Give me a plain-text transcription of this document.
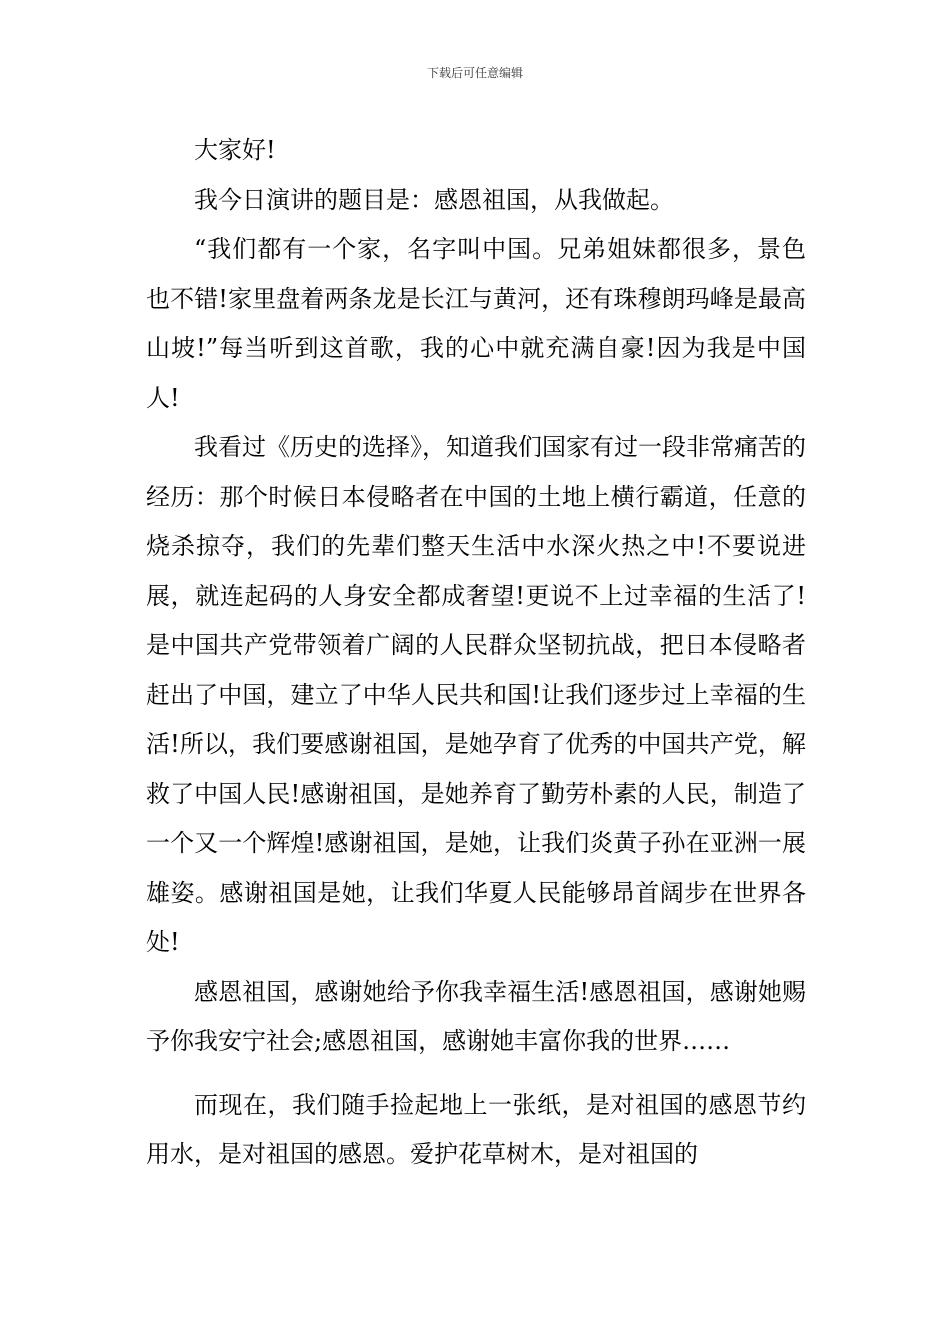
下载后可任意编辑

大家好!

我今日演讲的题目是：感恩祖国，从我做起。

“我们都有一个家，名字叫中国。兄弟姐妹都很多，景色也不错!家里盘着两条龙是长江与黄河，还有珠穆朗玛峰是最高山坡!”每当听到这首歌，我的心中就充满自豪!因为我是中国人!

我看过《历史的选择》，知道我们国家有过一段非常痛苦的经历：那个时候日本侵略者在中国的土地上横行霸道，任意的烧杀掠夺，我们的先辈们整天生活中水深火热之中!不要说进展，就连起码的人身安全都成奢望!更说不上过幸福的生活了!是中国共产党带领着广阔的人民群众坚韧抗战，把日本侵略者赶出了中国，建立了中华人民共和国!让我们逐步过上幸福的生活!所以，我们要感谢祖国，是她孕育了优秀的中国共产党，解救了中国人民!感谢祖国，是她养育了勤劳朴素的人民，制造了一个又一个辉煌!感谢祖国，是她，让我们炎黄子孙在亚洲一展雄姿。感谢祖国是她，让我们华夏人民能够昂首阔步在世界各处!

感恩祖国，感谢她给予你我幸福生活!感恩祖国，感谢她赐予你我安宁社会;感恩祖国，感谢她丰富你我的世界……

而现在，我们随手捡起地上一张纸，是对祖国的感恩节约用水，是对祖国的感恩。爱护花草树木，是对祖国的
